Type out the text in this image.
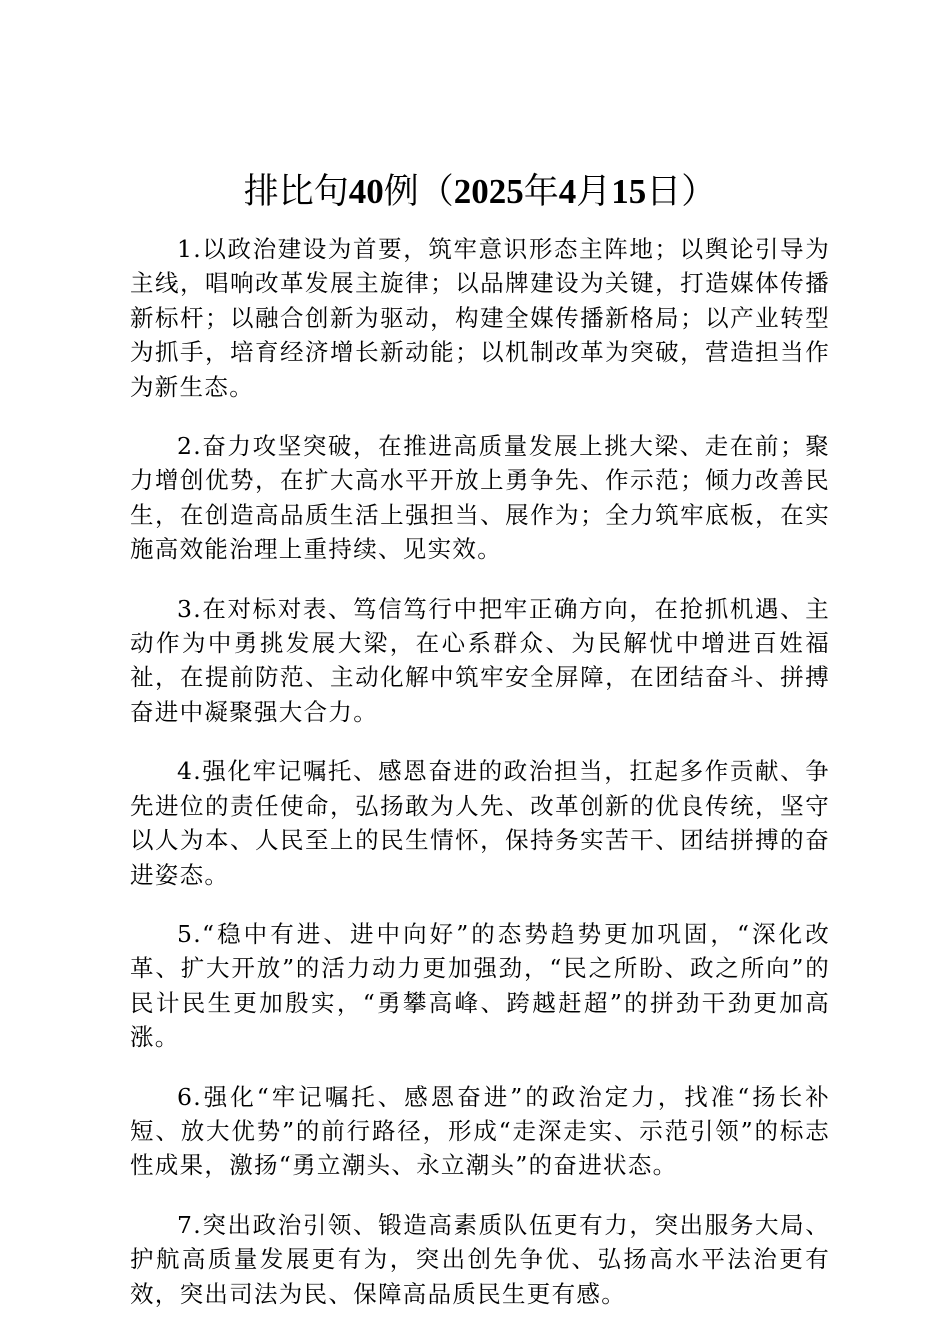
排比句40例（2025年4月15日）

1.以政治建设为首要，筑牢意识形态主阵地；以舆论引导为主线，唱响改革发展主旋律；以品牌建设为关键，打造媒体传播新标杆；以融合创新为驱动，构建全媒传播新格局；以产业转型为抓手，培育经济增长新动能；以机制改革为突破，营造担当作为新生态。

2.奋力攻坚突破，在推进高质量发展上挑大梁、走在前；聚力增创优势，在扩大高水平开放上勇争先、作示范；倾力改善民生，在创造高品质生活上强担当、展作为；全力筑牢底板，在实施高效能治理上重持续、见实效。

3.在对标对表、笃信笃行中把牢正确方向，在抢抓机遇、主动作为中勇挑发展大梁，在心系群众、为民解忧中增进百姓福祉，在提前防范、主动化解中筑牢安全屏障，在团结奋斗、拼搏奋进中凝聚强大合力。

4.强化牢记嘱托、感恩奋进的政治担当，扛起多作贡献、争先进位的责任使命，弘扬敢为人先、改革创新的优良传统，坚守以人为本、人民至上的民生情怀，保持务实苦干、团结拼搏的奋进姿态。

5.“稳中有进、进中向好”的态势趋势更加巩固，“深化改革、扩大开放”的活力动力更加强劲，“民之所盼、政之所向”的民计民生更加殷实，“勇攀高峰、跨越赶超”的拼劲干劲更加高涨。

6.强化“牢记嘱托、感恩奋进”的政治定力，找准“扬长补短、放大优势”的前行路径，形成“走深走实、示范引领”的标志性成果，激扬“勇立潮头、永立潮头”的奋进状态。

7.突出政治引领、锻造高素质队伍更有力，突出服务大局、护航高质量发展更有为，突出创先争优、弘扬高水平法治更有效，突出司法为民、保障高品质民生更有感。
